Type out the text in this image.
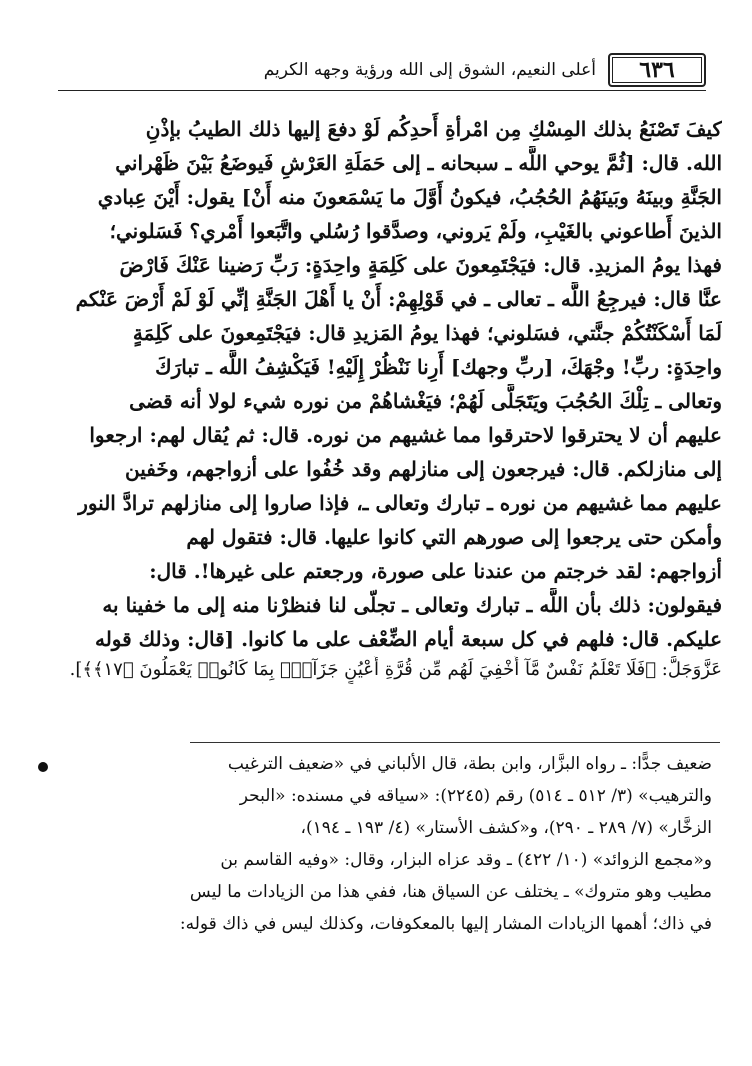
٦٣٦
أعلى النعيم، الشوق إلى الله ورؤية وجهه الكريم
كيفَ تَصْنَعُ بذلك المِسْكِ مِن امْرأةِ أَحدِكُم لَوْ دفعَ إليها ذلك الطيبُ بإذْنِ
الله. قال: [ثُمَّ يوحي اللَّه ـ سبحانه ـ إلى حَمَلَةِ العَرْشِ فَيوضَعُ بَيْنَ ظَهْراني
الجَنَّةِ وبينَهُ وبَينَهُمُ الحُجُبُ، فيكونُ أَوَّلَ ما يَسْمَعونَ منه أَنْ] يقول: أَيْنَ عِبادي
الذينَ أَطاعوني بالغَيْبِ، ولَمْ يَروني، وصدَّقوا رُسُلي واتَّبَعوا أَمْري؟ فَسَلوني؛
فهذا يومُ المزيدِ. قال: فيَجْتَمِعونَ على كَلِمَةٍ واحِدَةٍ: رَبِّ رَضينا عَنْكَ فَارْضَ
عنَّا قال: فيرجِعُ اللَّه ـ تعالى ـ في قَوْلِهِمْ: أَنْ يا أَهْلَ الجَنَّةِ إنِّي لَوْ لَمْ أَرْضَ عَنْكم
لَمَا أَسْكَنْتُكُمْ جنَّتي، فسَلوني؛ فهذا يومُ المَزيدِ قال: فيَجْتَمِعونَ على كَلِمَةٍ
واحِدَةٍ: ربِّ! وجْهَكَ، [ربِّ وجهك] أَرِنا نَنْظُرْ إِلَيْهِ! فَيَكْشِفُ اللَّه ـ تبارَكَ
وتعالى ـ تِلْكَ الحُجُبَ ويَتَجَلَّى لَهُمْ؛ فيَغْشاهُمْ من نوره شيء لولا أنه قضى
عليهم أن لا يحترقوا لاحترقوا مما غشيهم من نوره. قال: ثم يُقال لهم: ارجعوا
إلى منازلكم. قال: فيرجعون إلى منازلهم وقد خُفُوا على أزواجهم، وخَفين
عليهم مما غشيهم من نوره ـ تبارك وتعالى ـ، فإذا صاروا إلى منازلهم ترادَّ النور
وأمكن حتى يرجعوا إلى صورهم التي كانوا عليها. قال: فتقول لهم
أزواجهم: لقد خرجتم من عندنا على صورة، ورجعتم على غيرها!. قال:
فيقولون: ذلك بأن اللَّه ـ تبارك وتعالى ـ تجلّى لنا فنظرْنا منه إلى ما خفينا به
عليكم. قال: فلهم في كل سبعة أيام الضِّعْف على ما كانوا. [قال: وذلك قوله
عَزَّوَجَلَّ: ﴿فَلَا تَعْلَمُ نَفْسٌ مَّآ أُخْفِيَ لَهُم مِّن قُرَّةِ أَعْيُنٍ جَزَآءًۢ بِمَا كَانُوا۟ يَعْمَلُونَ ﴿١٧﴾﴾].
ضعيف جدًّا: ـ رواه البزَّار، وابن بطة، قال الألباني في «ضعيف الترغيب
والترهيب» (٣/ ٥١٢ ـ ٥١٤) رقم (٢٢٤٥): «سياقه في مسنده: «البحر
الزخَّار» (٧/ ٢٨٩ ـ ٢٩٠)، و«كشف الأستار» (٤/ ١٩٣ ـ ١٩٤)،
و«مجمع الزوائد» (١٠/ ٤٢٢) ـ وقد عزاه البزار، وقال: «وفيه القاسم بن
مطيب وهو متروك» ـ يختلف عن السياق هنا، ففي هذا من الزيادات ما ليس
في ذاك؛ أهمها الزيادات المشار إليها بالمعكوفات، وكذلك ليس في ذاك قوله:
